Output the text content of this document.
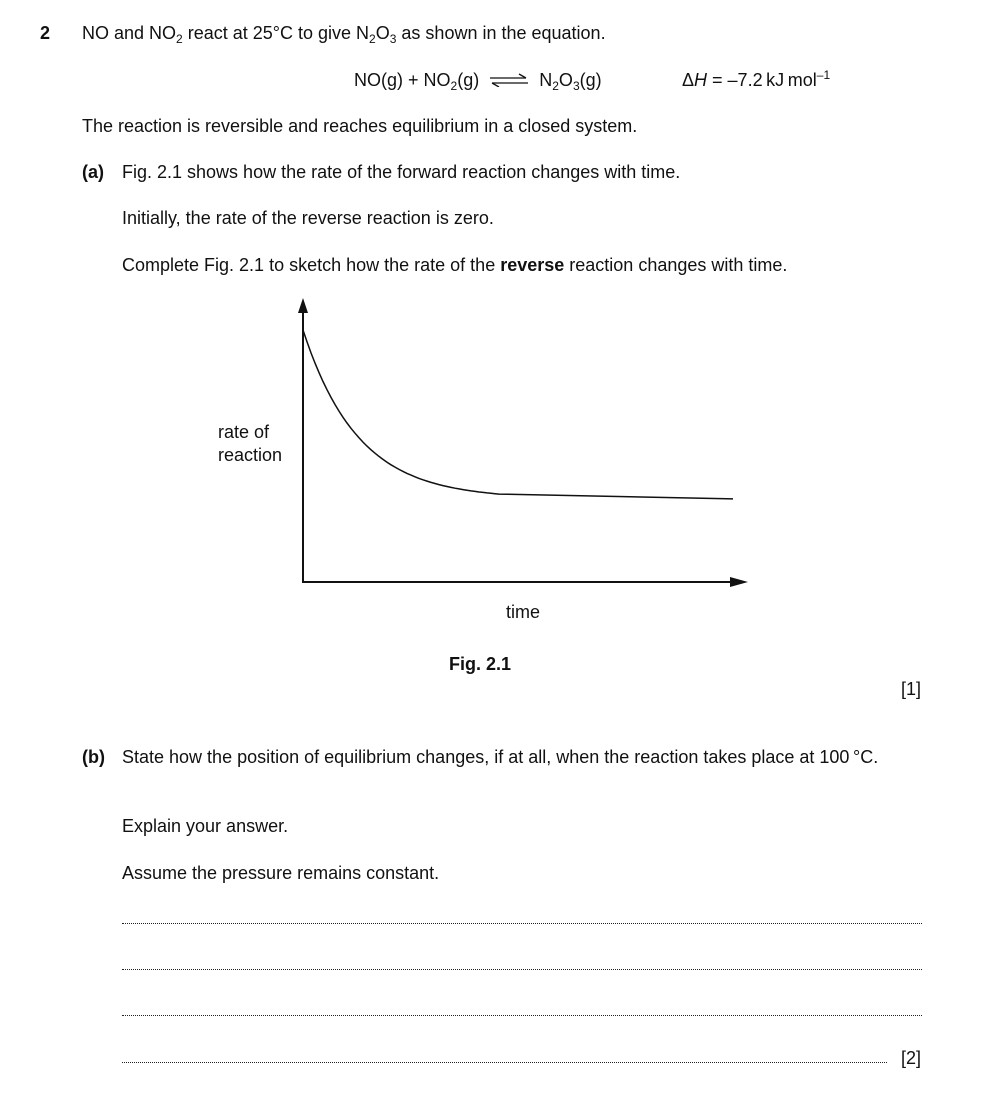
2 NO and $NO_2$ react at 25°C to give $N_2O_3$ as shown in the equation.
$NO(g) + NO_2(g)$ ⇌ $N_2O_3(g)$	ΔH = –7.2 kJ mol$^{-1}$
The reaction is reversible and reaches equilibrium in a closed system.
(a) Fig. 2.1 shows how the rate of the forward reaction changes with time.
Initially, the rate of the reverse reaction is zero.
Complete Fig. 2.1 to sketch how the rate of the reverse reaction changes with time.
rate of
reaction
time
Fig. 2.1
[1]
(b) State how the position of equilibrium changes, if at all, when the reaction takes place at 100 °C.
Explain your answer.
Assume the pressure remains constant.
[2]
